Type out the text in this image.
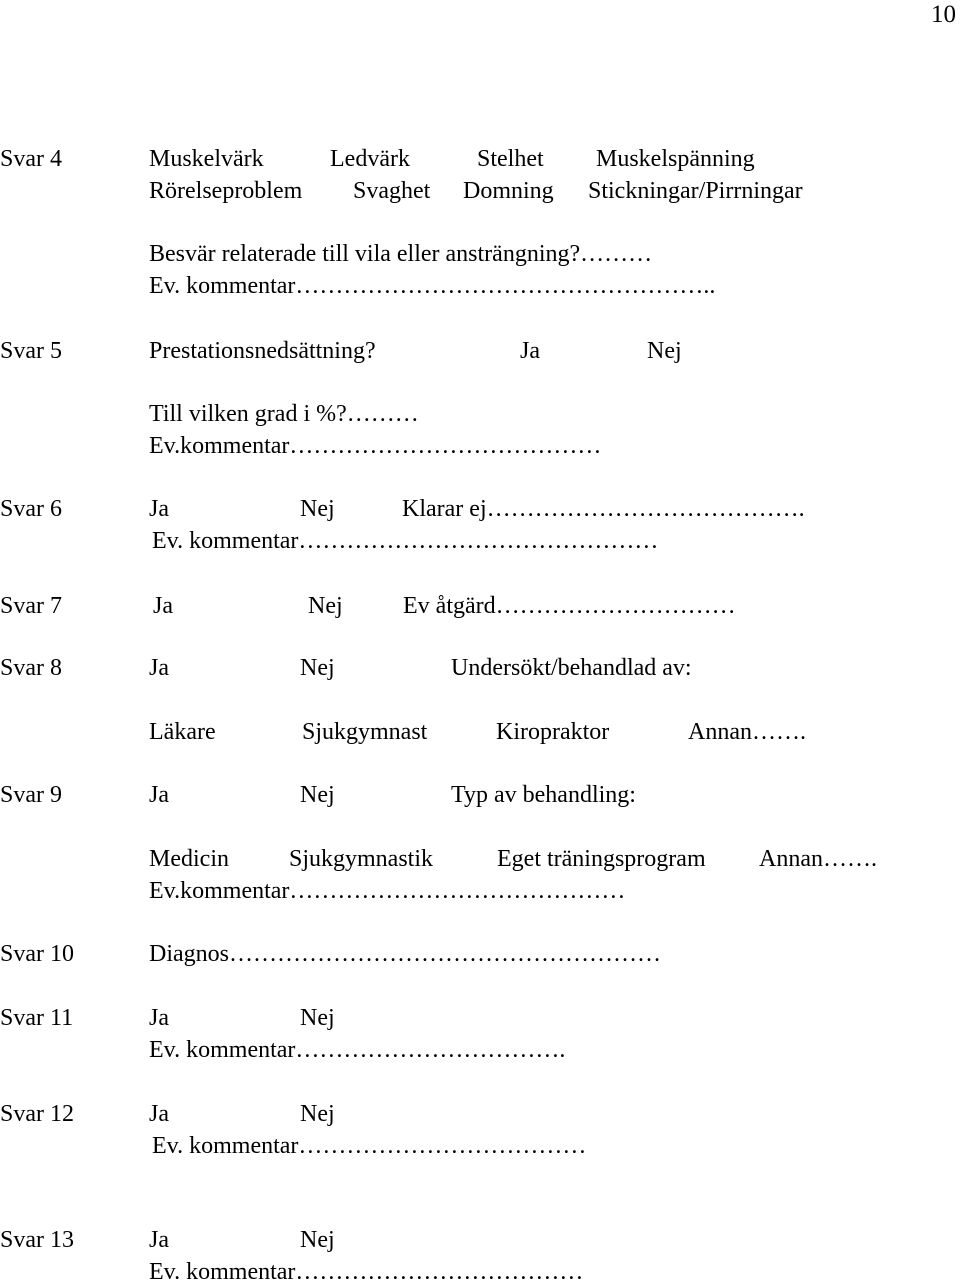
10
Svar 4	Muskelvärk	Ledvärk	Stelhet Muskelspänning
Rörelseproblem Svaghet Domning Stickningar/Pirrningar
Besvär relaterade till vila eller ansträngning?………
Ev. kommentar……………………………………………..
Svar 5	Prestationsnedsättning?	Ja	Nej
Till vilken grad i %?………
Ev.kommentar…………………………………
Svar 6	Ja	Nej	Klarar ej………………………………….
Ev. kommentar………………………………………
Svar 7	Ja	Nej	Ev åtgärd…………………………
Svar 8	Ja	Nej	Undersökt/behandlad av:
Läkare	Sjukgymnast	Kiropraktor	Annan…….
Svar 9	Ja	Nej	Typ av behandling:
Medicin	Sjukgymnastik	Eget träningsprogram Annan…….
Ev.kommentar……………………………………
Svar 10	Diagnos………………………………………………
Svar 11	Ja	Nej
Ev. kommentar…………………………….
Svar 12	Ja	Nej
Ev. kommentar………………………………
Svar 13	Ja	Nej
Ev. kommentar………………………………
